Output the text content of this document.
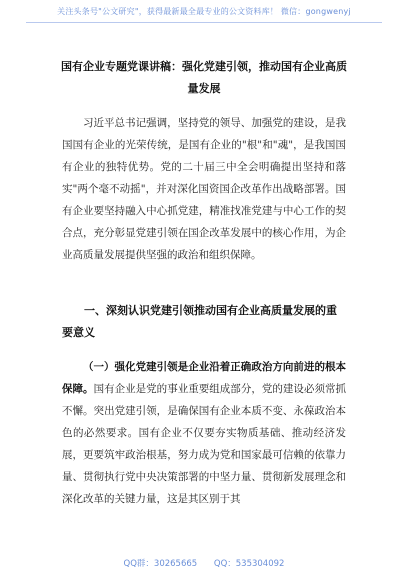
关注头条号"公文研究"，获得最新最全最专业的公文资料库！ 微信：gongwenyj
国有企业专题党课讲稿：强化党建引领，推动国有企业高质量发展
习近平总书记强调，坚持党的领导、加强党的建设，是我国国有企业的光荣传统，是国有企业的"根"和"魂"，是我国国有企业的独特优势。党的二十届三中全会明确提出坚持和落实"两个毫不动摇"，并对深化国资国企改革作出战略部署。国有企业要坚持融入中心抓党建，精准找准党建与中心工作的契合点，充分彰显党建引领在国企改革发展中的核心作用，为企业高质量发展提供坚强的政治和组织保障。
一、深刻认识党建引领推动国有企业高质量发展的重要意义
（一）强化党建引领是企业沿着正确政治方向前进的根本保障。国有企业是党的事业重要组成部分，党的建设必须常抓不懈。突出党建引领，是确保国有企业本质不变、永葆政治本色的必然要求。国有企业不仅要夯实物质基础、推动经济发展，更要筑牢政治根基，努力成为党和国家最可信赖的依靠力量、贯彻执行党中央决策部署的中坚力量、贯彻新发展理念和深化改革的关键力量，这是其区别于其
QQ群：30265665 QQ：535304092
